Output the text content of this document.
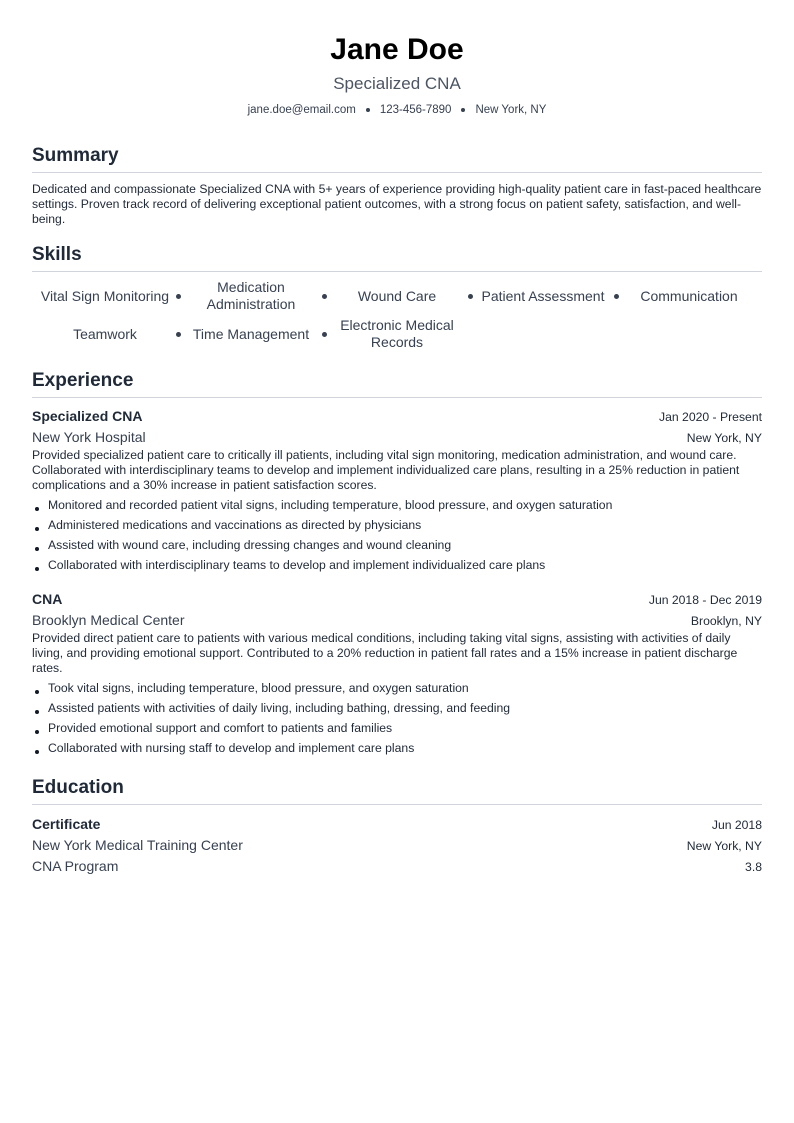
Jane Doe
Specialized CNA
jane.doe@email.com 123-456-7890 New York, NY
Summary
Dedicated and compassionate Specialized CNA with 5+ years of experience providing high-quality patient care in fast-paced healthcare settings. Proven track record of delivering exceptional patient outcomes, with a strong focus on patient safety, satisfaction, and well-being.
Skills
Vital Sign Monitoring
Medication Administration
Wound Care	Patient Assessment	Communication
Teamwork	Time Management
Electronic Medical Records
Experience
Specialized CNA	Jan 2020 - Present
New York Hospital	New York, NY
Provided specialized patient care to critically ill patients, including vital sign monitoring, medication administration, and wound care. Collaborated with interdisciplinary teams to develop and implement individualized care plans, resulting in a 25% reduction in patient complications and a 30% increase in patient satisfaction scores.
Monitored and recorded patient vital signs, including temperature, blood pressure, and oxygen saturation
Administered medications and vaccinations as directed by physicians
Assisted with wound care, including dressing changes and wound cleaning
Collaborated with interdisciplinary teams to develop and implement individualized care plans
CNA	Jun 2018 - Dec 2019
Brooklyn Medical Center	Brooklyn, NY
Provided direct patient care to patients with various medical conditions, including taking vital signs, assisting with activities of daily living, and providing emotional support. Contributed to a 20% reduction in patient fall rates and a 15% increase in patient discharge rates.
Took vital signs, including temperature, blood pressure, and oxygen saturation
Assisted patients with activities of daily living, including bathing, dressing, and feeding
Provided emotional support and comfort to patients and families
Collaborated with nursing staff to develop and implement care plans
Education
Certificate	Jun 2018
New York Medical Training Center	New York, NY
CNA Program	3.8
